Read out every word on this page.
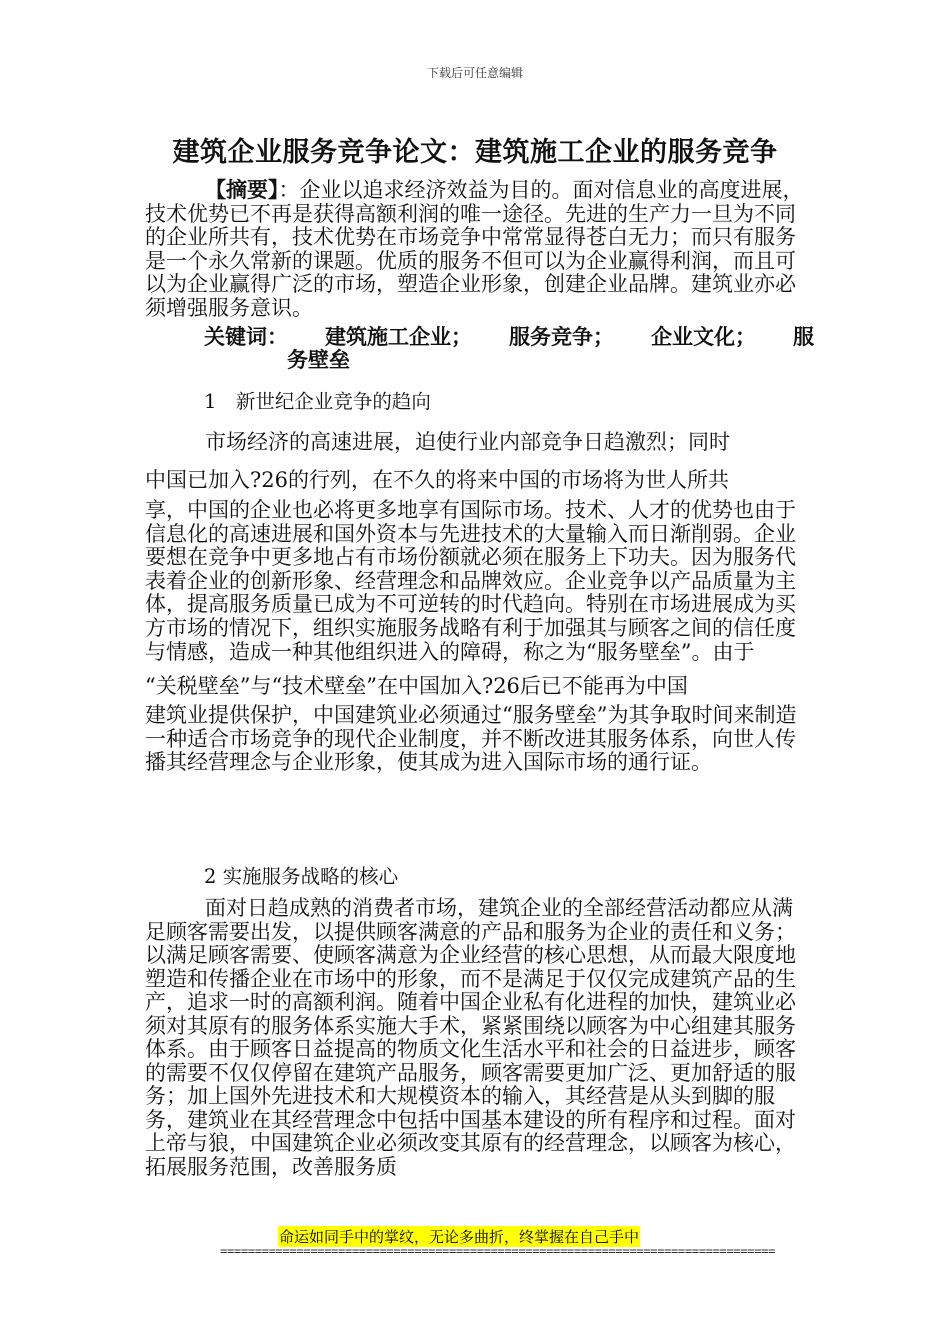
下载后可任意编辑
建筑企业服务竞争论文：建筑施工企业的服务竞争
【摘要】：企业以追求经济效益为目的。面对信息业的高度进展，技术优势已不再是获得高额利润的唯一途径。先进的生产力一旦为不同的企业所共有，技术优势在市场竞争中常常显得苍白无力；而只有服务是一个永久常新的课题。优质的服务不但可以为企业赢得利润，而且可以为企业赢得广泛的市场，塑造企业形象，创建企业品牌。建筑业亦必须增强服务意识。
关键词： 建筑施工企业； 服务竞争； 企业文化； 服
务壁垒
1　新世纪企业竞争的趋向
市场经济的高速进展，迫使行业内部竞争日趋激烈；同时
中国已加入?26的行列，在不久的将来中国的市场将为世人所共
享，中国的企业也必将更多地享有国际市场。技术、人才的优势也由于信息化的高速进展和国外资本与先进技术的大量输入而日渐削弱。企业要想在竞争中更多地占有市场份额就必须在服务上下功夫。因为服务代表着企业的创新形象、经营理念和品牌效应。企业竞争以产品质量为主体，提高服务质量已成为不可逆转的时代趋向。特别在市场进展成为买方市场的情况下，组织实施服务战略有利于加强其与顾客之间的信任度与情感，造成一种其他组织进入的障碍，称之为“服务壁垒”。由于
“关税壁垒”与“技术壁垒”在中国加入?26后已不能再为中国
建筑业提供保护，中国建筑业必须通过“服务壁垒”为其争取时间来制造一种适合市场竞争的现代企业制度，并不断改进其服务体系，向世人传播其经营理念与企业形象，使其成为进入国际市场的通行证。
2 实施服务战略的核心
面对日趋成熟的消费者市场，建筑企业的全部经营活动都应从满足顾客需要出发，以提供顾客满意的产品和服务为企业的责任和义务；以满足顾客需要、使顾客满意为企业经营的核心思想，从而最大限度地塑造和传播企业在市场中的形象，而不是满足于仅仅完成建筑产品的生产，追求一时的高额利润。随着中国企业私有化进程的加快，建筑业必须对其原有的服务体系实施大手术，紧紧围绕以顾客为中心组建其服务体系。由于顾客日益提高的物质文化生活水平和社会的日益进步，顾客的需要不仅仅停留在建筑产品服务，顾客需要更加广泛、更加舒适的服务；加上国外先进技术和大规模资本的输入，其经营是从头到脚的服务，建筑业在其经营理念中包括中国基本建设的所有程序和过程。面对上帝与狼，中国建筑企业必须改变其原有的经营理念，以顾客为核心，拓展服务范围，改善服务质
命运如同手中的掌纹，无论多曲折，终掌握在自己手中
================================================================================
